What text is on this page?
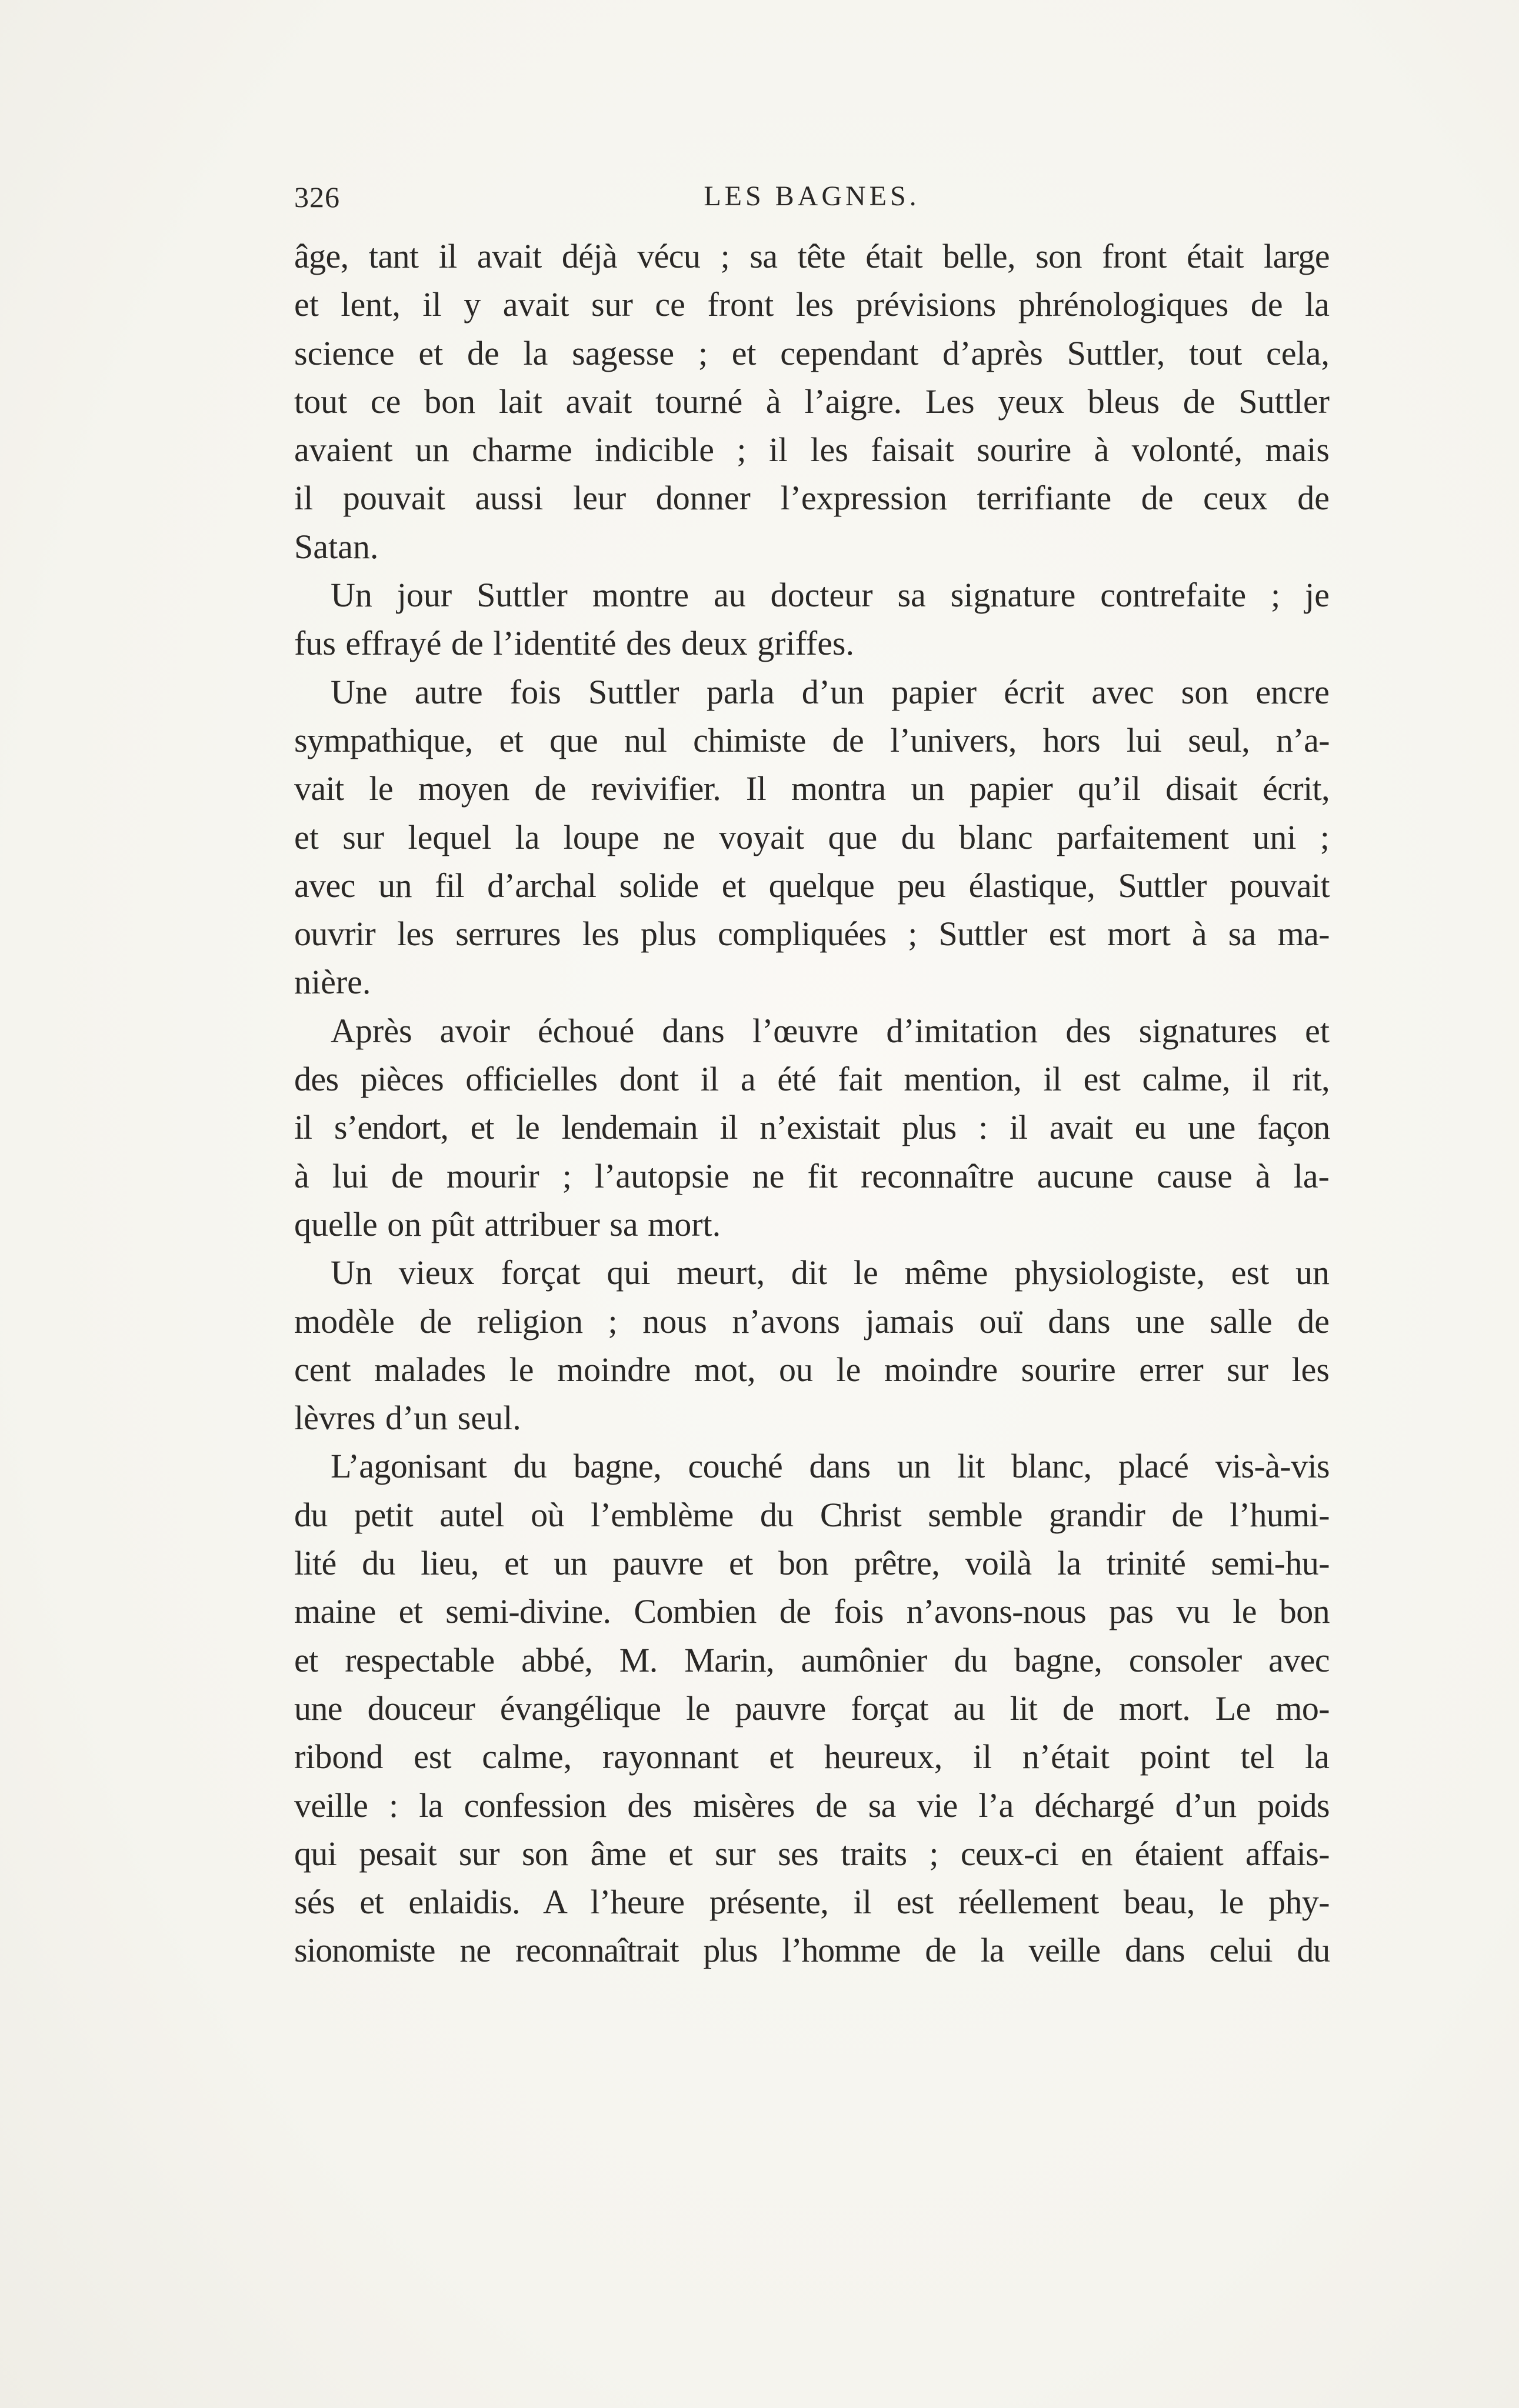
326	LES BAGNES.
âge, tant il avait déjà vécu ; sa tête était belle, son front était large
et lent, il y avait sur ce front les prévisions phrénologiques de la
science et de la sagesse ; et cependant d’après Suttler, tout cela,
tout ce bon lait avait tourné à l’aigre. Les yeux bleus de Suttler
avaient un charme indicible ; il les faisait sourire à volonté, mais
il pouvait aussi leur donner l’expression terrifiante de ceux de
Satan.
Un jour Suttler montre au docteur sa signature contrefaite ; je
fus effrayé de l’identité des deux griffes.
Une autre fois Suttler parla d’un papier écrit avec son encre
sympathique, et que nul chimiste de l’univers, hors lui seul, n’a-
vait le moyen de revivifier. Il montra un papier qu’il disait écrit,
et sur lequel la loupe ne voyait que du blanc parfaitement uni ;
avec un fil d’archal solide et quelque peu élastique, Suttler pouvait
ouvrir les serrures les plus compliquées ; Suttler est mort à sa ma-
nière.
Après avoir échoué dans l’œuvre d’imitation des signatures et
des pièces officielles dont il a été fait mention, il est calme, il rit,
il s’endort, et le lendemain il n’existait plus : il avait eu une façon
à lui de mourir ; l’autopsie ne fit reconnaître aucune cause à la-
quelle on pût attribuer sa mort.
Un vieux forçat qui meurt, dit le même physiologiste, est un
modèle de religion ; nous n’avons jamais ouï dans une salle de
cent malades le moindre mot, ou le moindre sourire errer sur les
lèvres d’un seul.
L’agonisant du bagne, couché dans un lit blanc, placé vis-à-vis
du petit autel où l’emblème du Christ semble grandir de l’humi-
lité du lieu, et un pauvre et bon prêtre, voilà la trinité semi-hu-
maine et semi-divine. Combien de fois n’avons-nous pas vu le bon
et respectable abbé, M. Marin, aumônier du bagne, consoler avec
une douceur évangélique le pauvre forçat au lit de mort. Le mo-
ribond est calme, rayonnant et heureux, il n’était point tel la
veille : la confession des misères de sa vie l’a déchargé d’un poids
qui pesait sur son âme et sur ses traits ; ceux-ci en étaient affais-
sés et enlaidis. A l’heure présente, il est réellement beau, le phy-
sionomiste ne reconnaîtrait plus l’homme de la veille dans celui du
